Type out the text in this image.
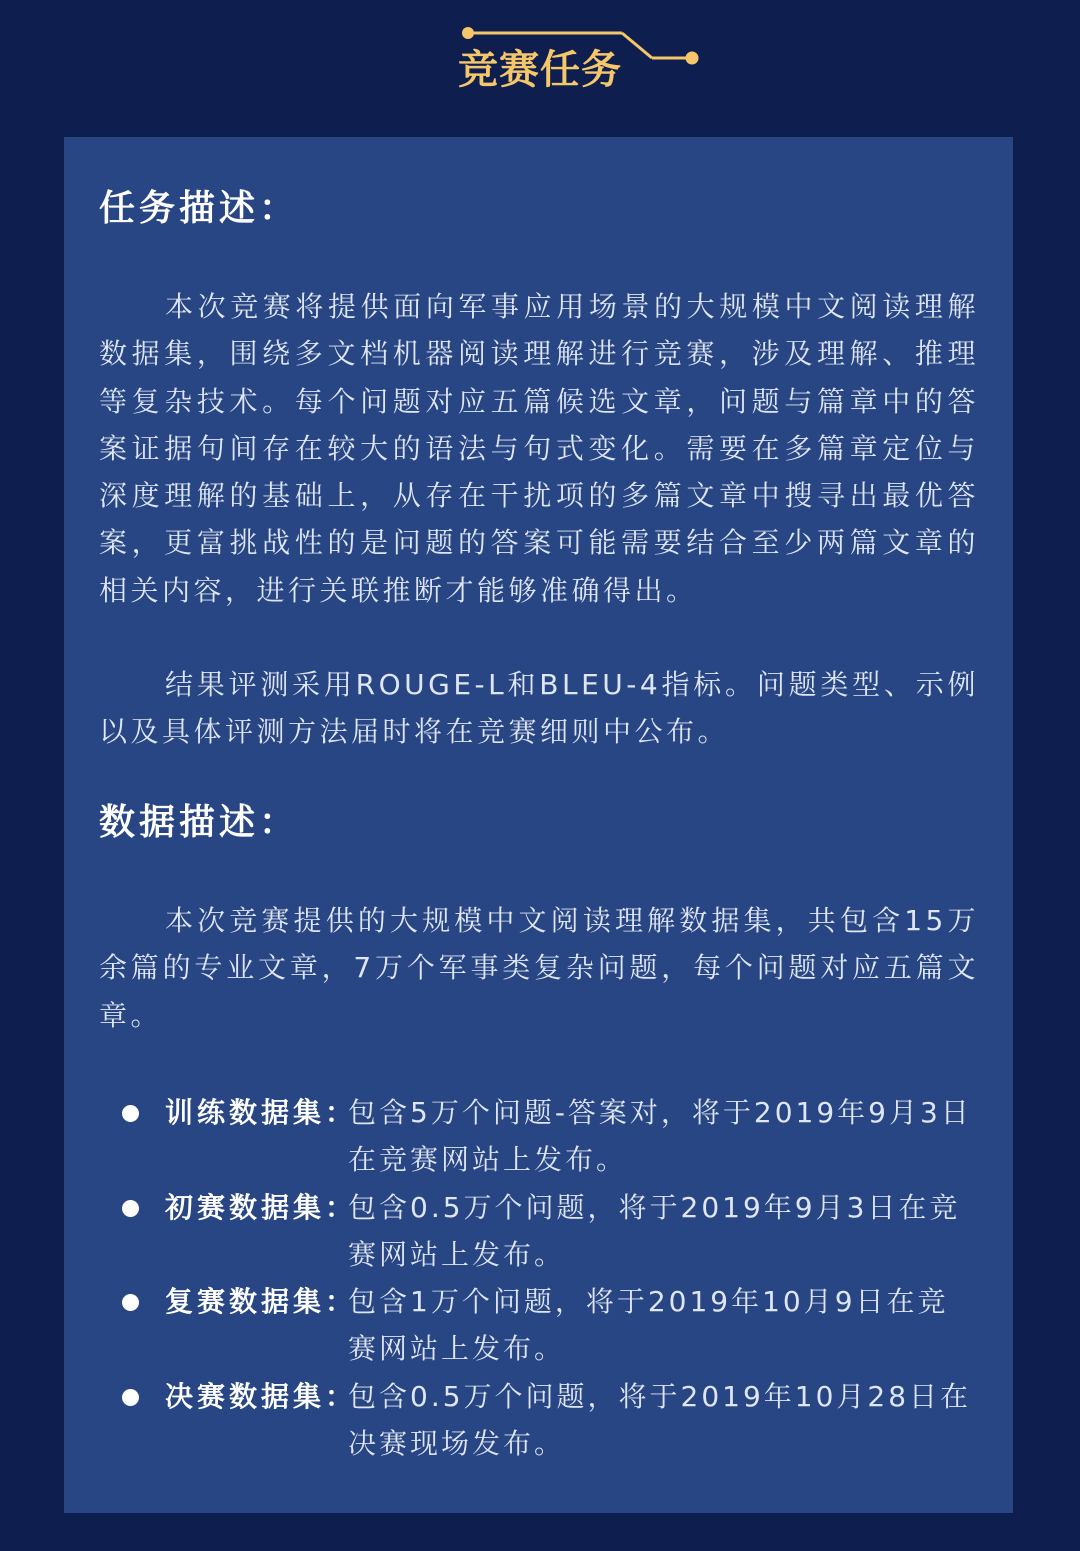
竞赛任务
任务描述：

本次竞赛将提供面向军事应用场景的大规模中文阅读理解数据集，围绕多文档机器阅读理解进行竞赛，涉及理解、推理等复杂技术。每个问题对应五篇候选文章，问题与篇章中的答案证据句间存在较大的语法与句式变化。需要在多篇章定位与深度理解的基础上，从存在干扰项的多篇文章中搜寻出最优答案，更富挑战性的是问题的答案可能需要结合至少两篇文章的相关内容，进行关联推断才能够准确得出。

结果评测采用ROUGE-L和BLEU-4指标。问题类型、示例以及具体评测方法届时将在竞赛细则中公布。

数据描述：

本次竞赛提供的大规模中文阅读理解数据集，共包含15万余篇的专业文章，7万个军事类复杂问题，每个问题对应五篇文章。

训练数据集：
包含5万个问题-答案对，将于2019年9月3日在竞赛网站上发布。
初赛数据集：
包含0.5万个问题，将于2019年9月3日在竞赛网站上发布。
复赛数据集：
包含1万个问题，将于2019年10月9日在竞赛网站上发布。
决赛数据集：
包含0.5万个问题，将于2019年10月28日在决赛现场发布。
